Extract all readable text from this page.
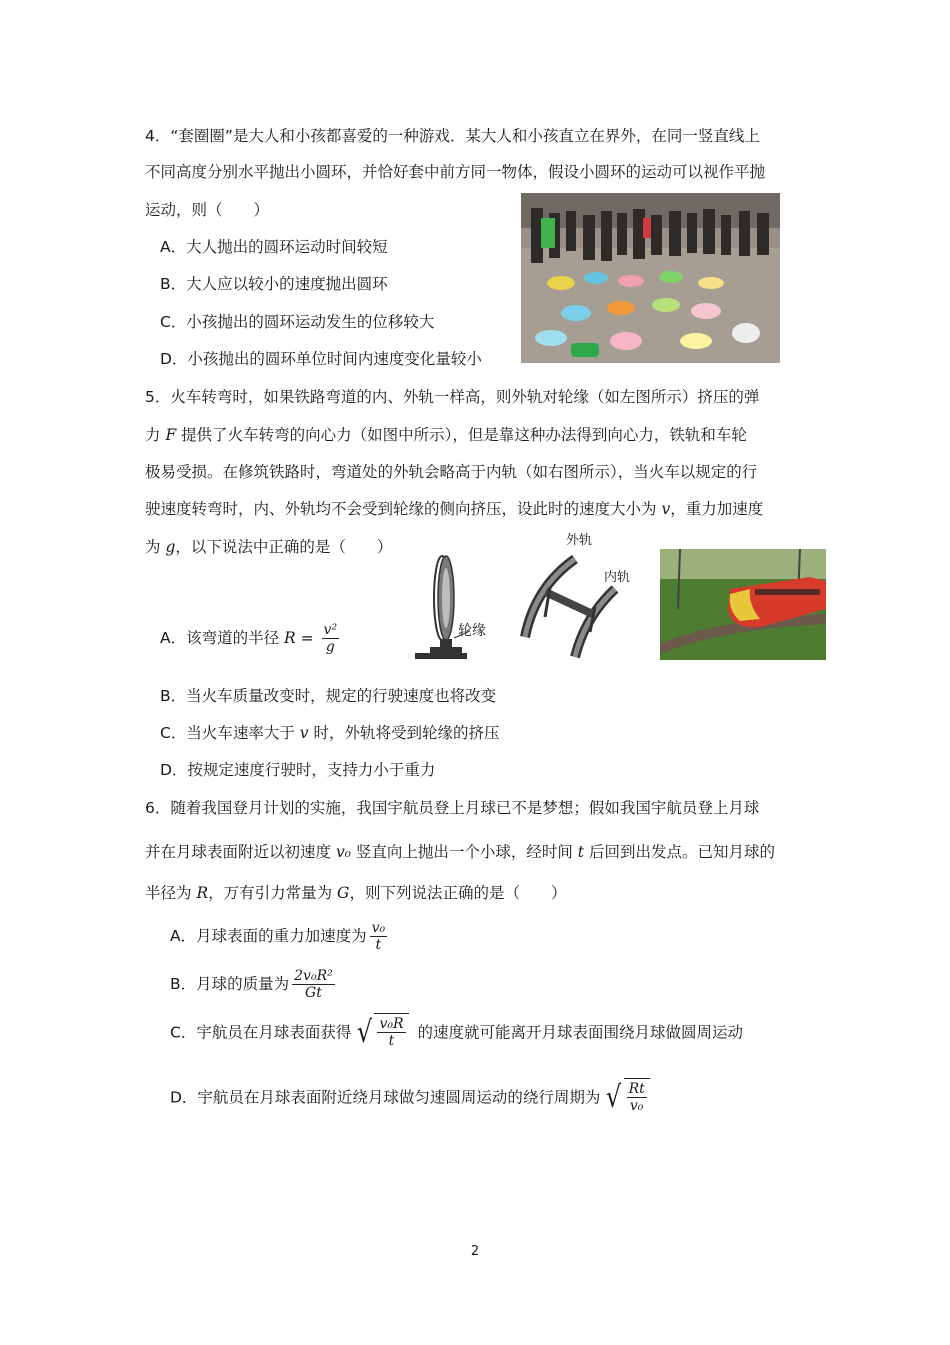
4．“套圈圈”是大人和小孩都喜爱的一种游戏．某大人和小孩直立在界外，在同一竖直线上
不同高度分别水平抛出小圆环，并恰好套中前方同一物体，假设小圆环的运动可以视作平抛
运动，则（　　）
A．大人抛出的圆环运动时间较短
B．大人应以较小的速度抛出圆环
C．小孩抛出的圆环运动发生的位移较大
D．小孩抛出的圆环单位时间内速度变化量较小
5．火车转弯时，如果铁路弯道的内、外轨一样高，则外轨对轮缘（如左图所示）挤压的弹
力 F 提供了火车转弯的向心力（如图中所示），但是靠这种办法得到向心力，铁轨和车轮
极易受损。在修筑铁路时，弯道处的外轨会略高于内轨（如右图所示），当火车以规定的行
驶速度转弯时，内、外轨均不会受到轮缘的侧向挤压，设此时的速度大小为 v，重力加速度
为 g，以下说法中正确的是（　　）
A．该弯道的半径 $R = \frac{\text{v²}}{g}$
B．当火车质量改变时，规定的行驶速度也将改变
C．当火车速率大于 v 时，外轨将受到轮缘的挤压
D．按规定速度行驶时，支持力小于重力
轮缘
外轨
内轨
6．随着我国登月计划的实施，我国宇航员登上月球已不是梦想；假如我国宇航员登上月球
并在月球表面附近以初速度 v₀ 竖直向上抛出一个小球，经时间 t 后回到出发点。已知月球的
半径为 R，万有引力常量为 G，则下列说法正确的是（　　）
A．月球表面的重力加速度为 $\frac{\text{v₀}}{t}$
B．月球的质量为 $\frac{\text{2v₀R²}}{Gt}$
C．宇航员在月球表面获得 √ $\frac{\text{v₀R}}{t}$ 的速度就可能离开月球表面围绕月球做圆周运动
D．宇航员在月球表面附近绕月球做匀速圆周运动的绕行周期为 √ $\frac{Rt}{\text{v₀}}$
2
